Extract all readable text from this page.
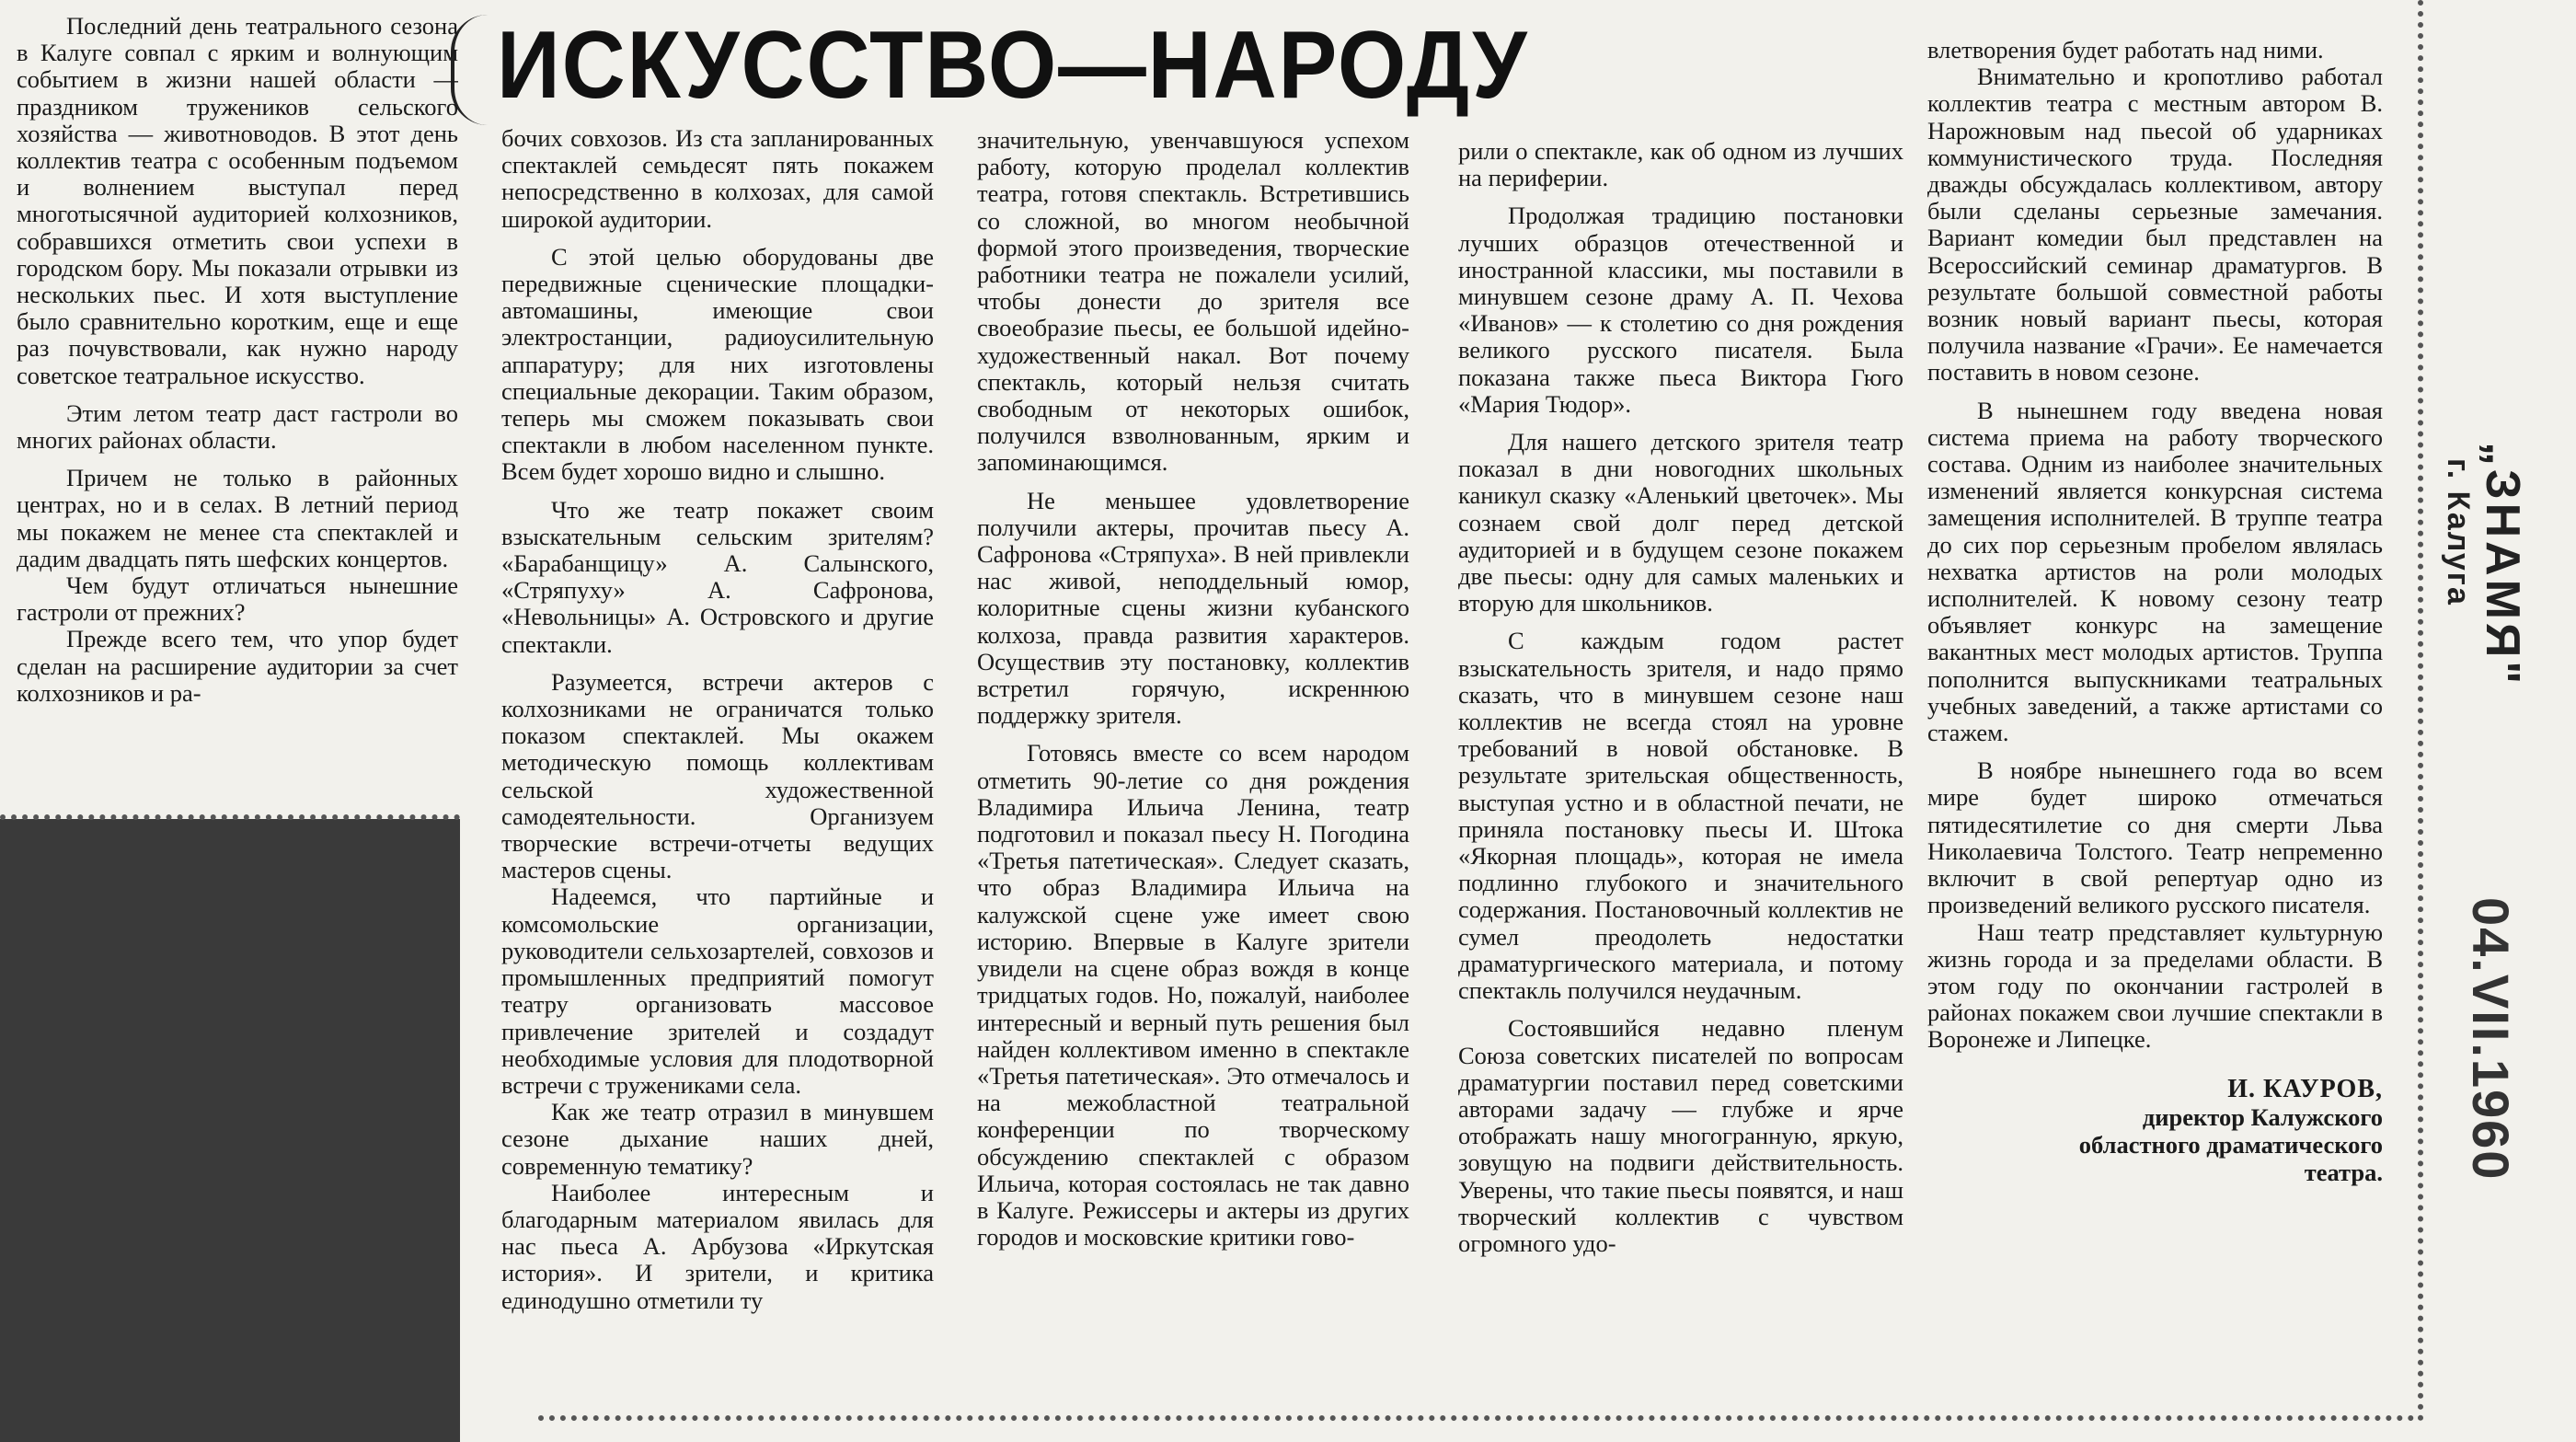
ИСКУССТВО—НАРОДУ

Последний день театрального сезона в Калуге совпал с ярким и волнующим событием в жизни нашей области — праздником тружеников сельского хозяйства — животноводов. В этот день коллектив театра с особенным подъемом и волнением выступал перед многотысячной аудиторией колхозников, собравшихся отметить свои успехи в городском бору. Мы показали отрывки из нескольких пьес. И хотя выступление было сравнительно коротким, еще и еще раз почувствовали, как нужно народу советское театральное искусство.

Этим летом театр даст гастроли во многих районах области.

Причем не только в районных центрах, но и в селах. В летний период мы покажем не менее ста спектаклей и дадим двадцать пять шефских концертов.

Чем будут отличаться нынешние гастроли от прежних?

Прежде всего тем, что упор будет сделан на расширение аудитории за счет колхозников и ра-

бочих совхозов. Из ста запланированных спектаклей семьдесят пять покажем непосредственно в колхозах, для самой широкой аудитории.

С этой целью оборудованы две передвижные сценические площадки-автомашины, имеющие свои электростанции, радиоусилительную аппаратуру; для них изготовлены специальные декорации. Таким образом, теперь мы сможем показывать свои спектакли в любом населенном пункте. Всем будет хорошо видно и слышно.

Что же театр покажет своим взыскательным сельским зрителям? «Барабанщицу» А. Салынского, «Стряпуху» А. Сафронова, «Невольницы» А. Островского и другие спектакли.

Разумеется, встречи актеров с колхозниками не ограничатся только показом спектаклей. Мы окажем методическую помощь коллективам сельской художественной самодеятельности. Организуем творческие встречи-отчеты ведущих мастеров сцены.

Надеемся, что партийные и комсомольские организации, руководители сельхозартелей, совхозов и промышленных предприятий помогут театру организовать массовое привлечение зрителей и создадут необходимые условия для плодотворной встречи с тружениками села.

Как же театр отразил в минувшем сезоне дыхание наших дней, современную тематику?

Наиболее интересным и благодарным материалом явилась для нас пьеса А. Арбузова «Иркутская история». И зрители, и критика единодушно отметили ту

значительную, увенчавшуюся успехом работу, которую проделал коллектив театра, готовя спектакль. Встретившись со сложной, во многом необычной формой этого произведения, творческие работники театра не пожалели усилий, чтобы донести до зрителя все своеобразие пьесы, ее большой идейно-художественный накал. Вот почему спектакль, который нельзя считать свободным от некоторых ошибок, получился взволнованным, ярким и запоминающимся.

Не меньшее удовлетворение получили актеры, прочитав пьесу А. Сафронова «Стряпуха». В ней привлекли нас живой, неподдельный юмор, колоритные сцены жизни кубанского колхоза, правда развития характеров. Осуществив эту постановку, коллектив встретил горячую, искреннюю поддержку зрителя.

Готовясь вместе со всем народом отметить 90-летие со дня рождения Владимира Ильича Ленина, театр подготовил и показал пьесу Н. Погодина «Третья патетическая». Следует сказать, что образ Владимира Ильича на калужской сцене уже имеет свою историю. Впервые в Калуге зрители увидели на сцене образ вождя в конце тридцатых годов. Но, пожалуй, наиболее интересный и верный путь решения был найден коллективом именно в спектакле «Третья патетическая». Это отмечалось и на межобластной театральной конференции по творческому обсуждению спектаклей с образом Ильича, которая состоялась не так давно в Калуге. Режиссеры и актеры из других городов и московские критики гово-

рили о спектакле, как об одном из лучших на периферии.

Продолжая традицию постановки лучших образцов отечественной и иностранной классики, мы поставили в минувшем сезоне драму А. П. Чехова «Иванов» — к столетию со дня рождения великого русского писателя. Была показана также пьеса Виктора Гюго «Мария Тюдор».

Для нашего детского зрителя театр показал в дни новогодних школьных каникул сказку «Аленький цветочек». Мы сознаем свой долг перед детской аудиторией и в будущем сезоне покажем две пьесы: одну для самых маленьких и вторую для школьников.

С каждым годом растет взыскательность зрителя, и надо прямо сказать, что в минувшем сезоне наш коллектив не всегда стоял на уровне требований в новой обстановке. В результате зрительская общественность, выступая устно и в областной печати, не приняла постановку пьесы И. Штока «Якорная площадь», которая не имела подлинно глубокого и значительного содержания. Постановочный коллектив не сумел преодолеть недостатки драматургического материала, и потому спектакль получился неудачным.

Состоявшийся недавно пленум Союза советских писателей по вопросам драматургии поставил перед советскими авторами задачу — глубже и ярче отображать нашу многогранную, яркую, зовущую на подвиги действительность. Уверены, что такие пьесы появятся, и наш творческий коллектив с чувством огромного удо-

влетворения будет работать над ними.

Внимательно и кропотливо работал коллектив театра с местным автором В. Нарожновым над пьесой об ударниках коммунистического труда. Последняя дважды обсуждалась коллективом, автору были сделаны серьезные замечания. Вариант комедии был представлен на Всероссийский семинар драматургов. В результате большой совместной работы возник новый вариант пьесы, которая получила название «Грачи». Ее намечается поставить в новом сезоне.

В нынешнем году введена новая система приема на работу творческого состава. Одним из наиболее значительных изменений является конкурсная система замещения исполнителей. В труппе театра до сих пор серьезным пробелом являлась нехватка артистов на роли молодых исполнителей. К новому сезону театр объявляет конкурс на замещение вакантных мест молодых артистов. Труппа пополнится выпускниками театральных учебных заведений, а также артистами со стажем.

В ноябре нынешнего года во всем мире будет широко отмечаться пятидесятилетие со дня смерти Льва Николаевича Толстого. Театр непременно включит в свой репертуар одно из произведений великого русского писателя.

Наш театр представляет культурную жизнь города и за пределами области. В этом году по окончании гастролей в районах покажем свои лучшие спектакли в Воронеже и Липецке.

И. КАУРОВ,
директор Калужского
областного драматического
театра.
„ЗНАМЯ"
г. Калуга
04.VII.1960
